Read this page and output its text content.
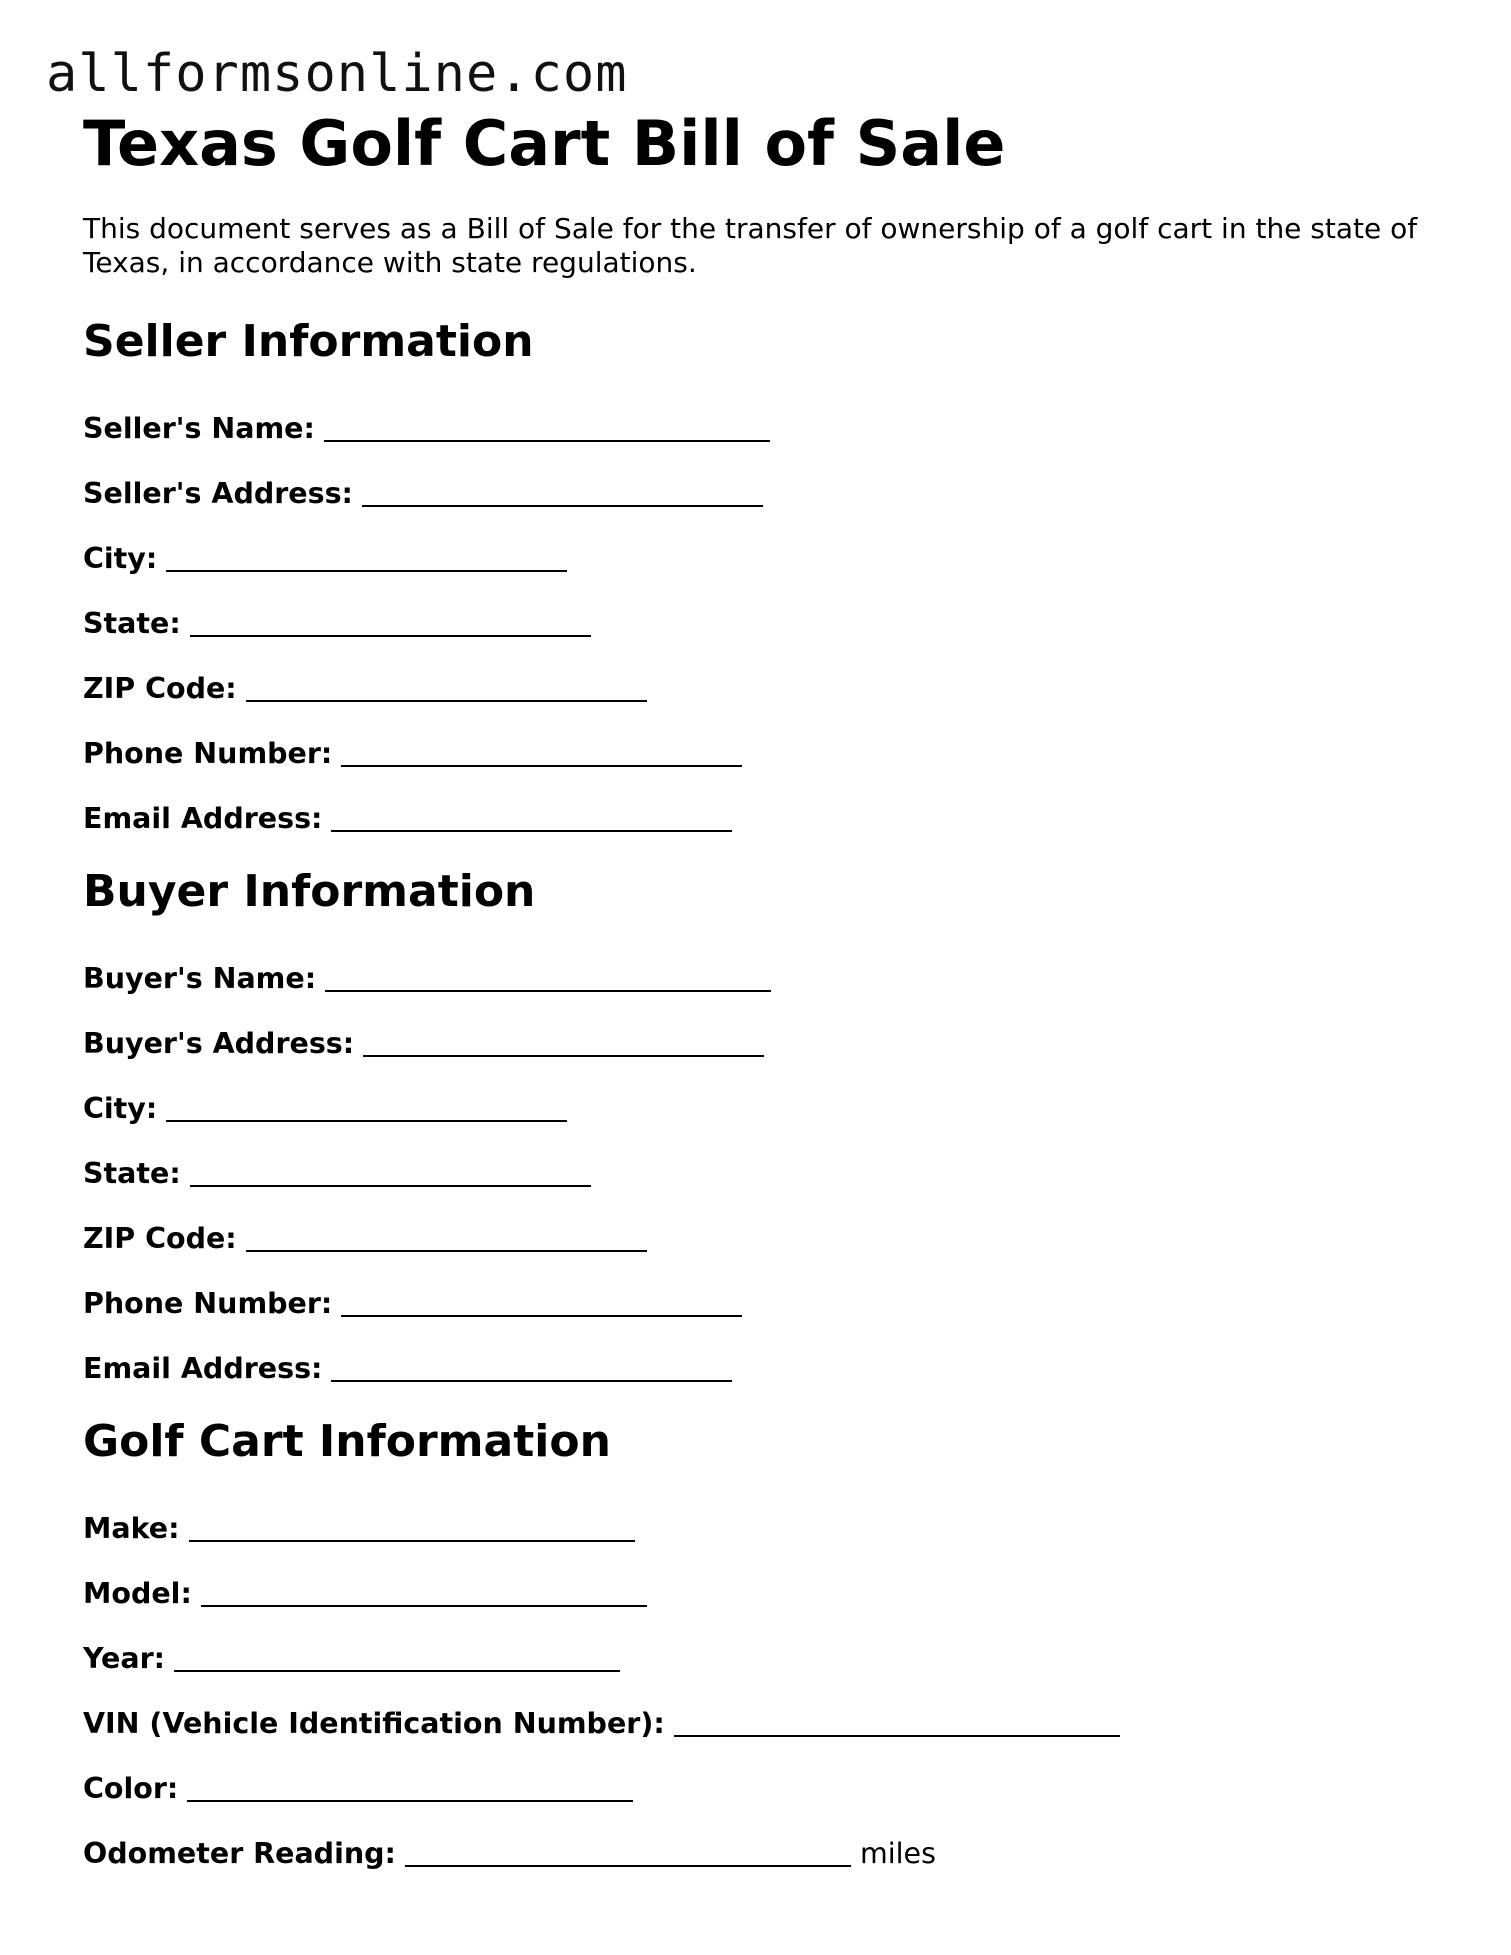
allformsonline.com
Texas Golf Cart Bill of Sale

This document serves as a Bill of Sale for the transfer of ownership of a golf cart in the state of Texas, in accordance with state regulations.

Seller Information
Seller's Name:
Seller's Address:
City:
State:
ZIP Code:
Phone Number:
Email Address:
Buyer Information
Buyer's Name:
Buyer's Address:
City:
State:
ZIP Code:
Phone Number:
Email Address:
Golf Cart Information
Make:
Model:
Year:
VIN (Vehicle Identification Number):
Color:
Odometer Reading:	miles
